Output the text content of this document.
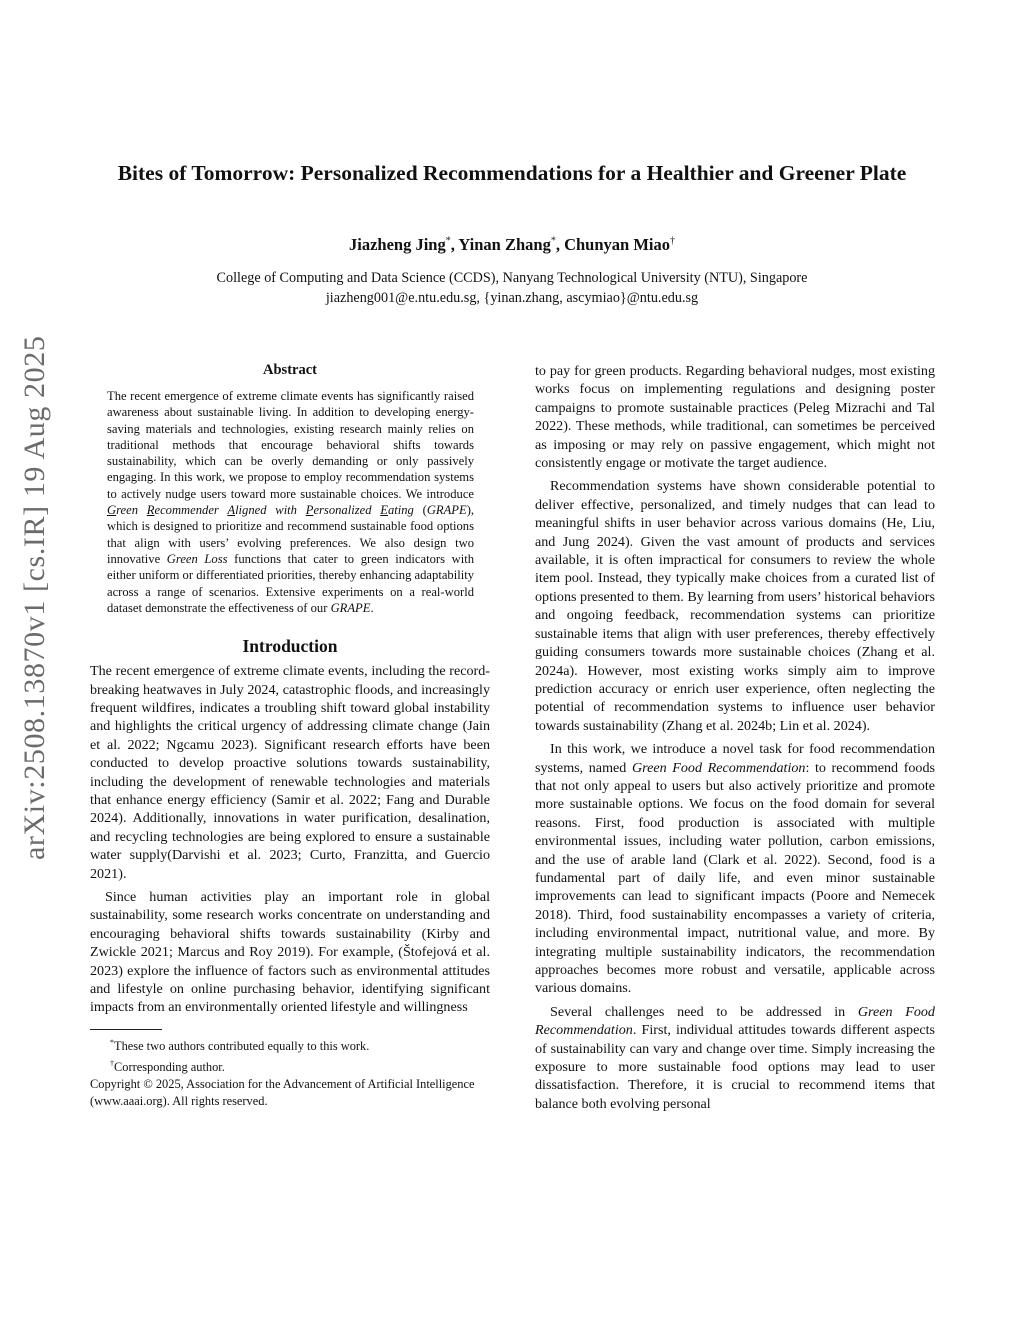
arXiv:2508.13870v1 [cs.IR] 19 Aug 2025
Bites of Tomorrow: Personalized Recommendations for a Healthier and Greener Plate
Jiazheng Jing*, Yinan Zhang*, Chunyan Miao†
College of Computing and Data Science (CCDS), Nanyang Technological University (NTU), Singapore
jiazheng001@e.ntu.edu.sg, {yinan.zhang, ascymiao}@ntu.edu.sg
Abstract
The recent emergence of extreme climate events has significantly raised awareness about sustainable living. In addition to developing energy-saving materials and technologies, existing research mainly relies on traditional methods that encourage behavioral shifts towards sustainability, which can be overly demanding or only passively engaging. In this work, we propose to employ recommendation systems to actively nudge users toward more sustainable choices. We introduce Green Recommender Aligned with Personalized Eating (GRAPE), which is designed to prioritize and recommend sustainable food options that align with users’ evolving preferences. We also design two innovative Green Loss functions that cater to green indicators with either uniform or differentiated priorities, thereby enhancing adaptability across a range of scenarios. Extensive experiments on a real-world dataset demonstrate the effectiveness of our GRAPE.
Introduction

The recent emergence of extreme climate events, including the record-breaking heatwaves in July 2024, catastrophic floods, and increasingly frequent wildfires, indicates a troubling shift toward global instability and highlights the critical urgency of addressing climate change (Jain et al. 2022; Ngcamu 2023). Significant research efforts have been conducted to develop proactive solutions towards sustainability, including the development of renewable technologies and materials that enhance energy efficiency (Samir et al. 2022; Fang and Durable 2024). Additionally, innovations in water purification, desalination, and recycling technologies are being explored to ensure a sustainable water supply(Darvishi et al. 2023; Curto, Franzitta, and Guercio 2021).

Since human activities play an important role in global sustainability, some research works concentrate on understanding and encouraging behavioral shifts towards sustainability (Kirby and Zwickle 2021; Marcus and Roy 2019). For example, (Štofejová et al. 2023) explore the influence of factors such as environmental attitudes and lifestyle on online purchasing behavior, identifying significant impacts from an environmentally oriented lifestyle and willingness

*These two authors contributed equally to this work.
†Corresponding author.
Copyright © 2025, Association for the Advancement of Artificial Intelligence (www.aaai.org). All rights reserved.

to pay for green products. Regarding behavioral nudges, most existing works focus on implementing regulations and designing poster campaigns to promote sustainable practices (Peleg Mizrachi and Tal 2022). These methods, while traditional, can sometimes be perceived as imposing or may rely on passive engagement, which might not consistently engage or motivate the target audience.

Recommendation systems have shown considerable potential to deliver effective, personalized, and timely nudges that can lead to meaningful shifts in user behavior across various domains (He, Liu, and Jung 2024). Given the vast amount of products and services available, it is often impractical for consumers to review the whole item pool. Instead, they typically make choices from a curated list of options presented to them. By learning from users’ historical behaviors and ongoing feedback, recommendation systems can prioritize sustainable items that align with user preferences, thereby effectively guiding consumers towards more sustainable choices (Zhang et al. 2024a). However, most existing works simply aim to improve prediction accuracy or enrich user experience, often neglecting the potential of recommendation systems to influence user behavior towards sustainability (Zhang et al. 2024b; Lin et al. 2024).

In this work, we introduce a novel task for food recommendation systems, named Green Food Recommendation: to recommend foods that not only appeal to users but also actively prioritize and promote more sustainable options. We focus on the food domain for several reasons. First, food production is associated with multiple environmental issues, including water pollution, carbon emissions, and the use of arable land (Clark et al. 2022). Second, food is a fundamental part of daily life, and even minor sustainable improvements can lead to significant impacts (Poore and Nemecek 2018). Third, food sustainability encompasses a variety of criteria, including environmental impact, nutritional value, and more. By integrating multiple sustainability indicators, the recommendation approaches becomes more robust and versatile, applicable across various domains.

Several challenges need to be addressed in Green Food Recommendation. First, individual attitudes towards different aspects of sustainability can vary and change over time. Simply increasing the exposure to more sustainable food options may lead to user dissatisfaction. Therefore, it is crucial to recommend items that balance both evolving personal
